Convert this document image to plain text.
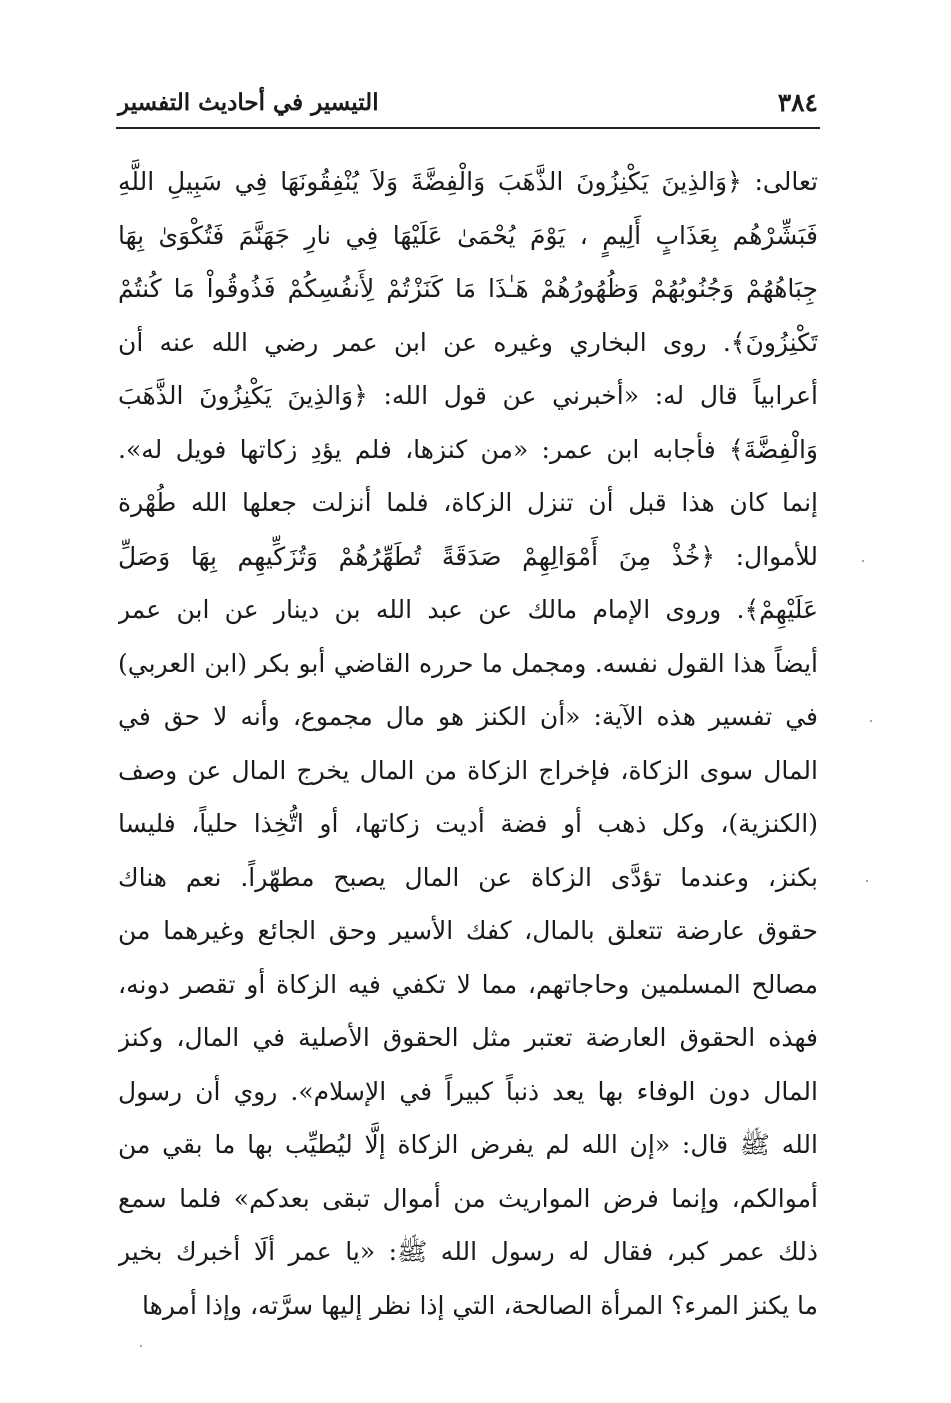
٣٨٤
التيسير في أحاديث التفسير
تعالى: ﴿وَالذِينَ يَكْنِزُونَ الذَّهَبَ وَالْفِضَّةَ وَلاَ يُنْفِقُونَهَا فِي سَبِيلِ اللَّهِ
فَبَشِّرْهُم بِعَذَابٍ أَلِيمٍ ، يَوْمَ يُحْمَىٰ عَلَيْهَا فِي نارِ جَهَنَّمَ فَتُكْوَىٰ بِهَا
جِبَاهُهُمْ وَجُنُوبُهُمْ وَظُهُورُهُمْ هَـٰذَا مَا كَنَزْتُمْ لِأَنفُسِكُمْ فَذُوقُواْ مَا كُنتُمْ
تَكْنِزُونَ﴾. روى البخاري وغيره عن ابن عمر رضي الله عنه أن
أعرابياً قال له: «أخبرني عن قول الله: ﴿وَالذِينَ يَكْنِزُونَ الذَّهَبَ
وَالْفِضَّةَ﴾ فأجابه ابن عمر: «من كنزها، فلم يؤدِ زكاتها فويل له».
إنما كان هذا قبل أن تنزل الزكاة، فلما أنزلت جعلها الله طُهْرة
للأموال: ﴿خُذْ مِنَ أَمْوَالِهِمْ صَدَقَةً تُطَهِّرُهُمْ وَتُزَكِّيهِم بِهَا وَصَلِّ
عَلَيْهِمْ﴾. وروى الإمام مالك عن عبد الله بن دينار عن ابن عمر
أيضاً هذا القول نفسه. ومجمل ما حرره القاضي أبو بكر (ابن العربي)
في تفسير هذه الآية: «أن الكنز هو مال مجموع، وأنه لا حق في
المال سوى الزكاة، فإخراج الزكاة من المال يخرج المال عن وصف
(الكنزية)، وكل ذهب أو فضة أديت زكاتها، أو اتُّخِذا حلياً، فليسا
بكنز، وعندما تؤدَّى الزكاة عن المال يصبح مطهّراً. نعم هناك
حقوق عارضة تتعلق بالمال، كفك الأسير وحق الجائع وغيرهما من
مصالح المسلمين وحاجاتهم، مما لا تكفي فيه الزكاة أو تقصر دونه،
فهذه الحقوق العارضة تعتبر مثل الحقوق الأصلية في المال، وكنز
المال دون الوفاء بها يعد ذنباً كبيراً في الإسلام». روي أن رسول
الله ﷺ قال: «إن الله لم يفرض الزكاة إلَّا ليُطيِّب بها ما بقي من
أموالكم، وإنما فرض المواريث من أموال تبقى بعدكم» فلما سمع
ذلك عمر كبر، فقال له رسول الله ﷺ: «يا عمر ألَا أخبرك بخير
ما يكنز المرء؟ المرأة الصالحة، التي إذا نظر إليها سرَّته، وإذا أمرها
